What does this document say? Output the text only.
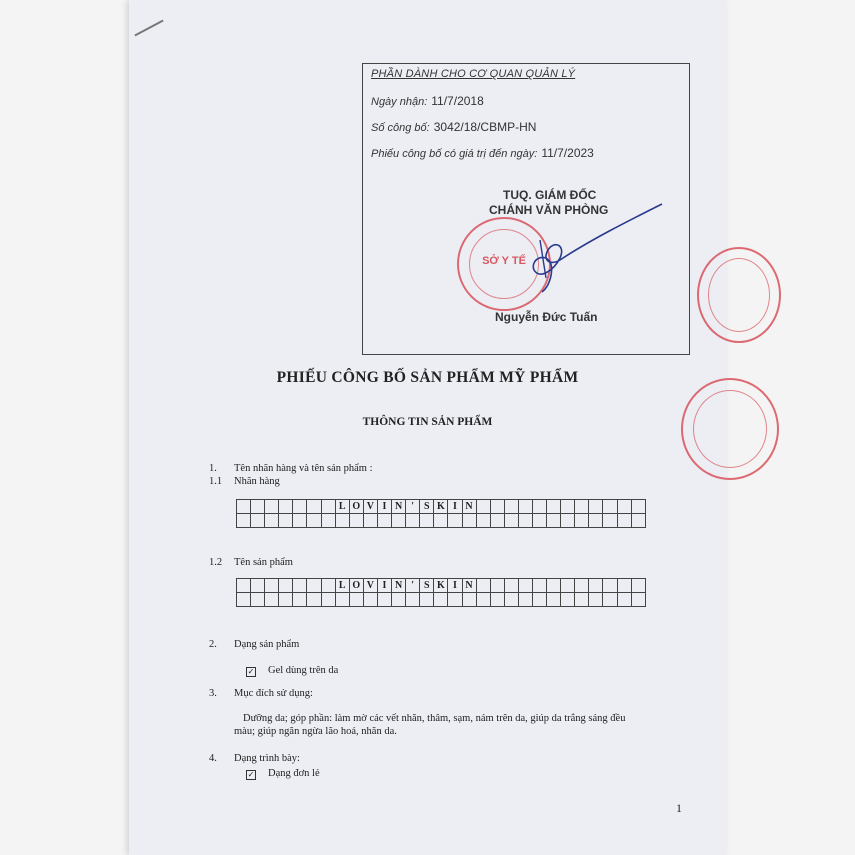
PHẦN DÀNH CHO CƠ QUAN QUẢN LÝ
Ngày nhận: 11/7/2018
Số công bố: 3042/18/CBMP-HN
Phiếu công bố có giá trị đến ngày: 11/7/2023
TUQ. GIÁM ĐỐC
CHÁNH VĂN PHÒNG
Nguyễn Đức Tuấn
SỞ Y TẾ
PHIẾU CÔNG BỐ SẢN PHẨM MỸ PHẨM
THÔNG TIN SẢN PHẨM
1. Tên nhãn hàng và tên sản phẩm :
1.1 Nhãn hàng
							L	O	V	I	N	'	S	K	I	N												

1.2 Tên sản phẩm
							L	O	V	I	N	'	S	K	I	N												

2. Dạng sản phẩm
✓ Gel dùng trên da
3. Mục đích sử dụng:
Dưỡng da; góp phần: làm mờ các vết nhăn, thâm, sạm, nám trên da, giúp da trắng sáng đều
màu; giúp ngăn ngừa lão hoá, nhăn da.
4. Dạng trình bày:
✓ Dạng đơn lẻ
1
